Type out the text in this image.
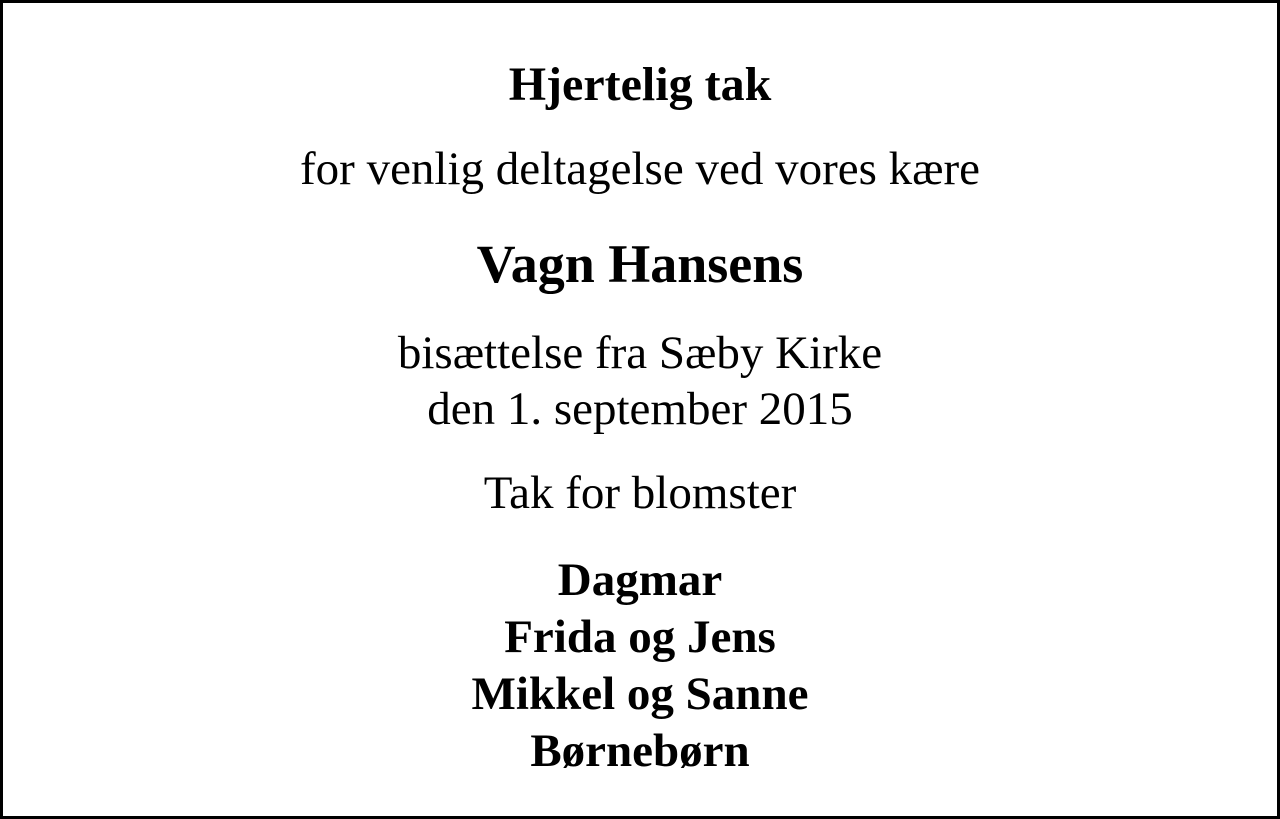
Hjertelig tak
for venlig deltagelse ved vores kære
Vagn Hansens
bisættelse fra Sæby Kirke
den 1. september 2015
Tak for blomster
Dagmar
Frida og Jens
Mikkel og Sanne
Børnebørn
